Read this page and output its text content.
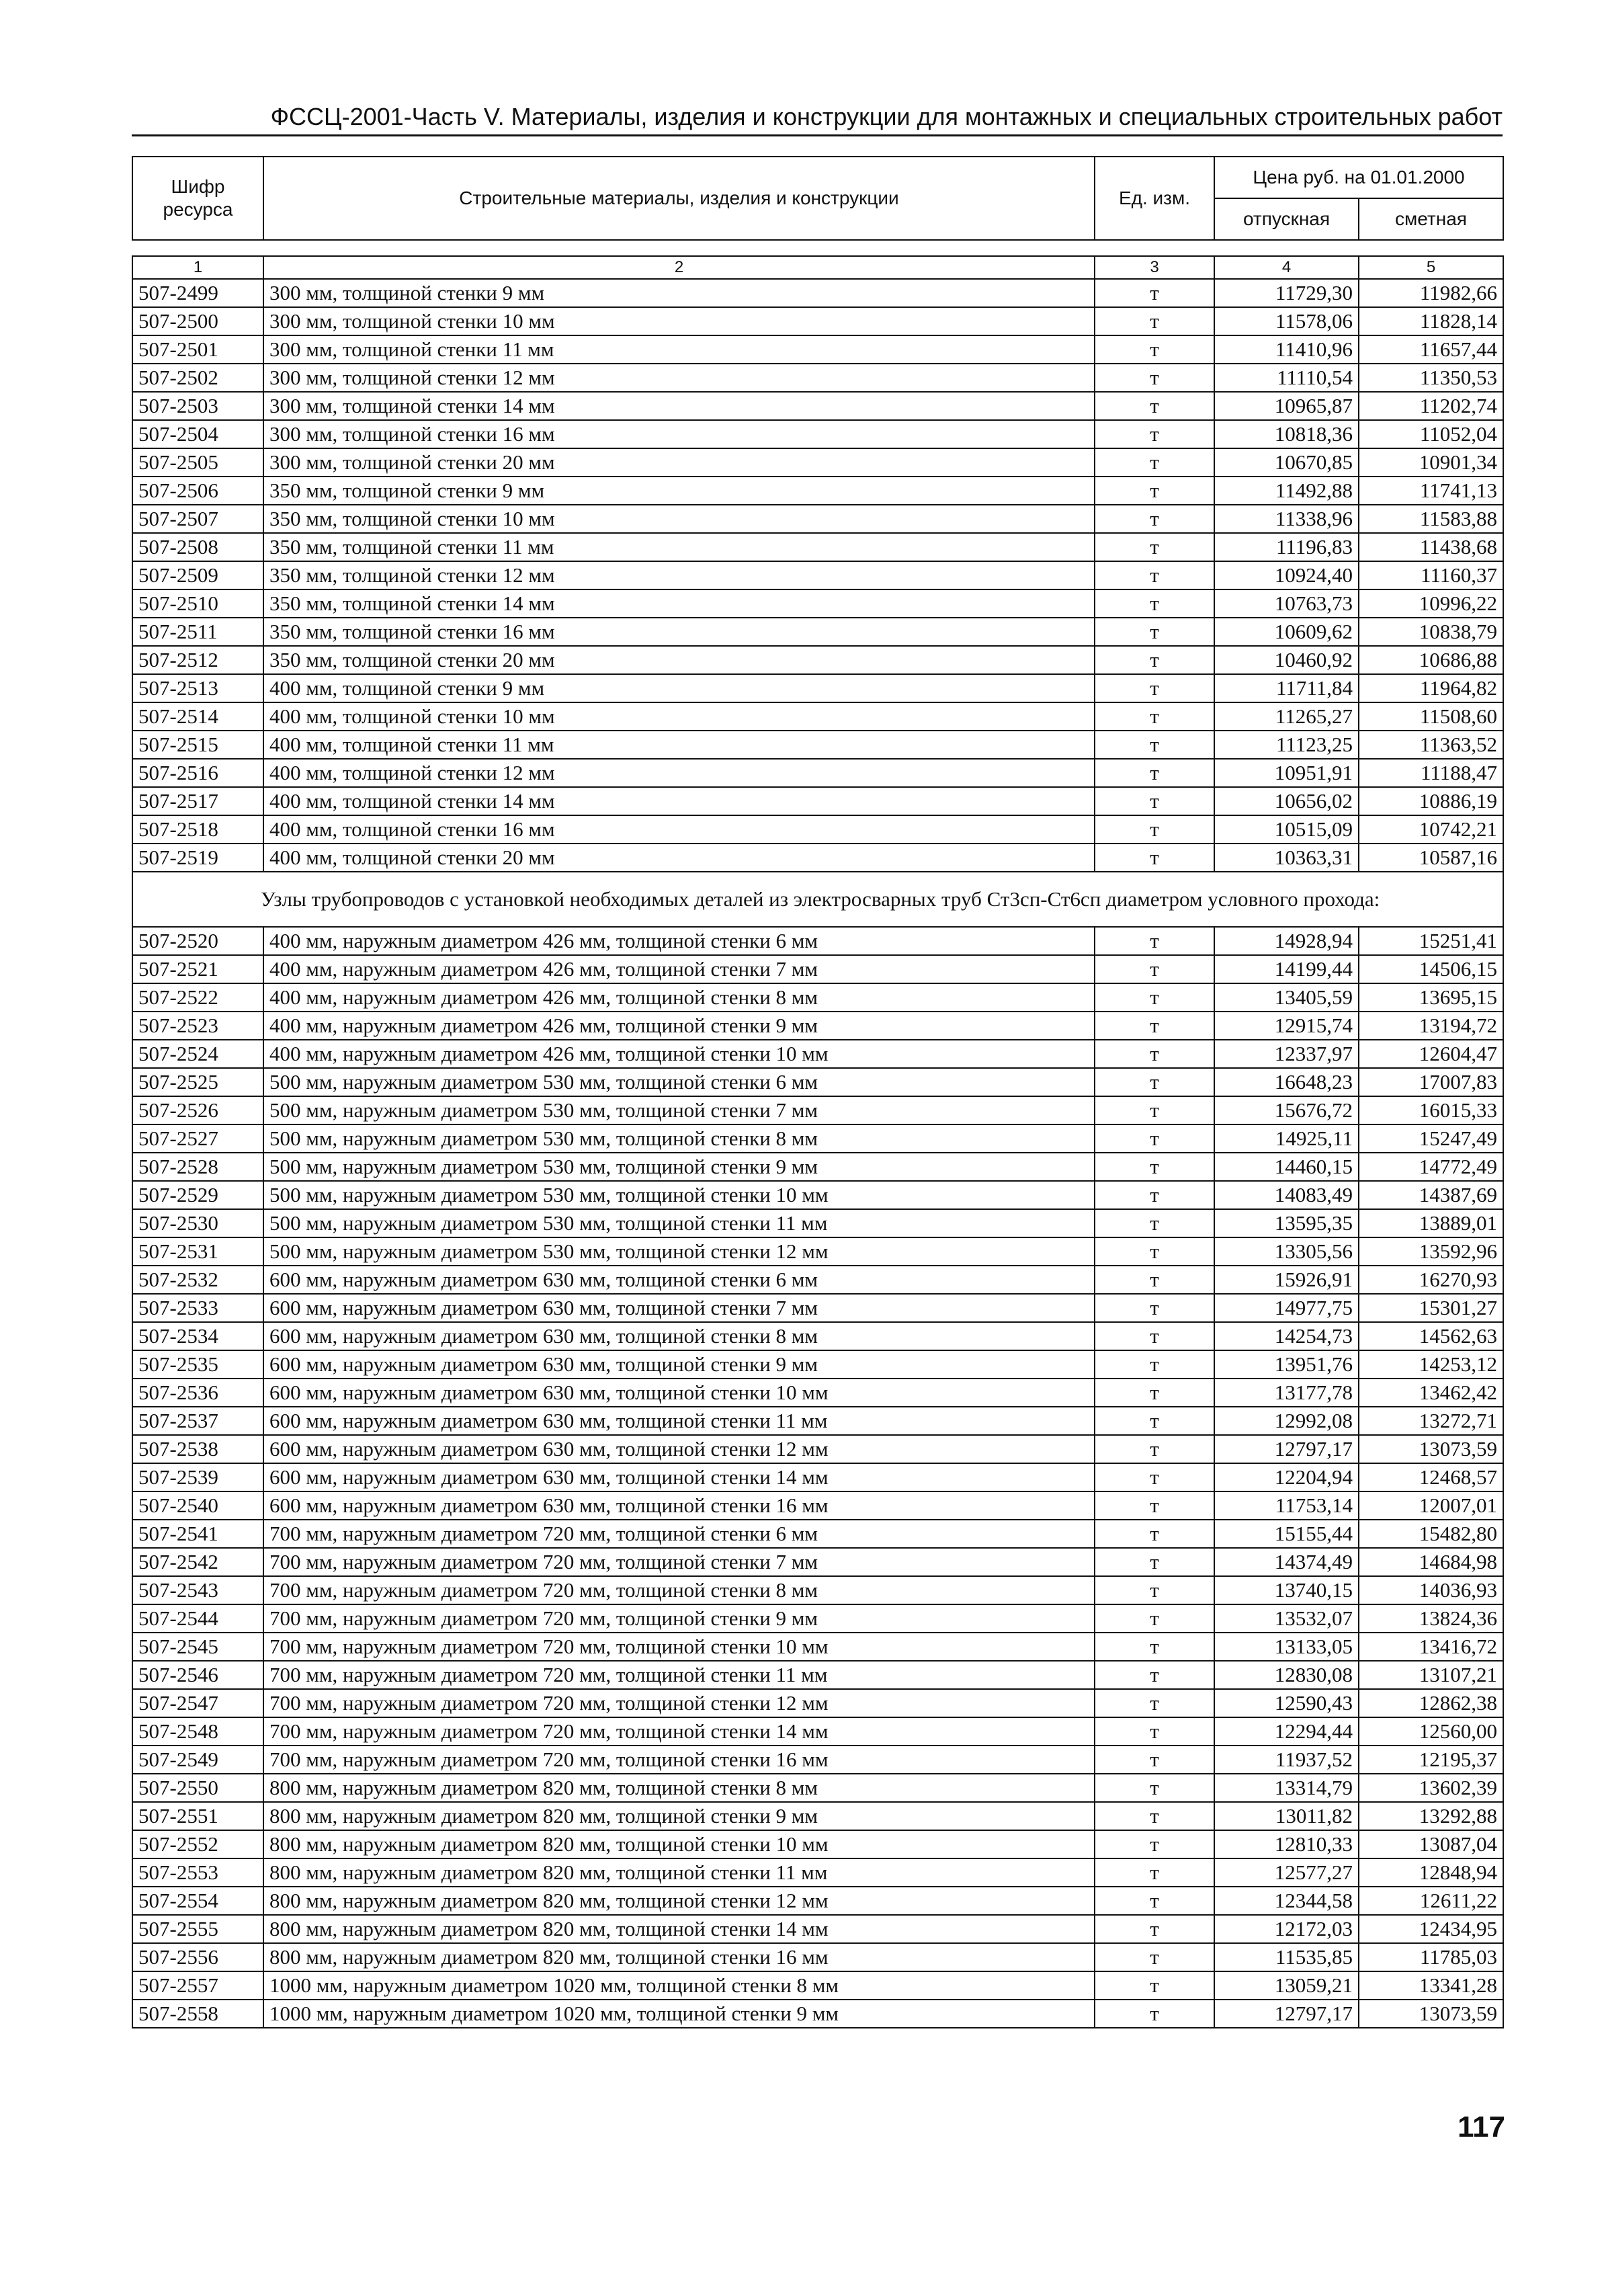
ФССЦ-2001-Часть V. Материалы, изделия и конструкции для монтажных и специальных строительных работ
Шифр ресурса	Строительные материалы, изделия и конструкции	Ед. изм.	Цена руб. на 01.01.2000	
			отпускная	сметная

1	2	3	4	5
507-2499	300 мм, толщиной стенки 9 мм	т	11729,30	11982,66
507-2500	300 мм, толщиной стенки 10 мм	т	11578,06	11828,14
507-2501	300 мм, толщиной стенки 11 мм	т	11410,96	11657,44
507-2502	300 мм, толщиной стенки 12 мм	т	11110,54	11350,53
507-2503	300 мм, толщиной стенки 14 мм	т	10965,87	11202,74
507-2504	300 мм, толщиной стенки 16 мм	т	10818,36	11052,04
507-2505	300 мм, толщиной стенки 20 мм	т	10670,85	10901,34
507-2506	350 мм, толщиной стенки 9 мм	т	11492,88	11741,13
507-2507	350 мм, толщиной стенки 10 мм	т	11338,96	11583,88
507-2508	350 мм, толщиной стенки 11 мм	т	11196,83	11438,68
507-2509	350 мм, толщиной стенки 12 мм	т	10924,40	11160,37
507-2510	350 мм, толщиной стенки 14 мм	т	10763,73	10996,22
507-2511	350 мм, толщиной стенки 16 мм	т	10609,62	10838,79
507-2512	350 мм, толщиной стенки 20 мм	т	10460,92	10686,88
507-2513	400 мм, толщиной стенки 9 мм	т	11711,84	11964,82
507-2514	400 мм, толщиной стенки 10 мм	т	11265,27	11508,60
507-2515	400 мм, толщиной стенки 11 мм	т	11123,25	11363,52
507-2516	400 мм, толщиной стенки 12 мм	т	10951,91	11188,47
507-2517	400 мм, толщиной стенки 14 мм	т	10656,02	10886,19
507-2518	400 мм, толщиной стенки 16 мм	т	10515,09	10742,21
507-2519	400 мм, толщиной стенки 20 мм	т	10363,31	10587,16
Узлы трубопроводов с установкой необходимых деталей из электросварных труб Ст3сп-Ст6сп диаметром условного прохода:				
507-2520	400 мм, наружным диаметром 426 мм, толщиной стенки 6 мм	т	14928,94	15251,41
507-2521	400 мм, наружным диаметром 426 мм, толщиной стенки 7 мм	т	14199,44	14506,15
507-2522	400 мм, наружным диаметром 426 мм, толщиной стенки 8 мм	т	13405,59	13695,15
507-2523	400 мм, наружным диаметром 426 мм, толщиной стенки 9 мм	т	12915,74	13194,72
507-2524	400 мм, наружным диаметром 426 мм, толщиной стенки 10 мм	т	12337,97	12604,47
507-2525	500 мм, наружным диаметром 530 мм, толщиной стенки 6 мм	т	16648,23	17007,83
507-2526	500 мм, наружным диаметром 530 мм, толщиной стенки 7 мм	т	15676,72	16015,33
507-2527	500 мм, наружным диаметром 530 мм, толщиной стенки 8 мм	т	14925,11	15247,49
507-2528	500 мм, наружным диаметром 530 мм, толщиной стенки 9 мм	т	14460,15	14772,49
507-2529	500 мм, наружным диаметром 530 мм, толщиной стенки 10 мм	т	14083,49	14387,69
507-2530	500 мм, наружным диаметром 530 мм, толщиной стенки 11 мм	т	13595,35	13889,01
507-2531	500 мм, наружным диаметром 530 мм, толщиной стенки 12 мм	т	13305,56	13592,96
507-2532	600 мм, наружным диаметром 630 мм, толщиной стенки 6 мм	т	15926,91	16270,93
507-2533	600 мм, наружным диаметром 630 мм, толщиной стенки 7 мм	т	14977,75	15301,27
507-2534	600 мм, наружным диаметром 630 мм, толщиной стенки 8 мм	т	14254,73	14562,63
507-2535	600 мм, наружным диаметром 630 мм, толщиной стенки 9 мм	т	13951,76	14253,12
507-2536	600 мм, наружным диаметром 630 мм, толщиной стенки 10 мм	т	13177,78	13462,42
507-2537	600 мм, наружным диаметром 630 мм, толщиной стенки 11 мм	т	12992,08	13272,71
507-2538	600 мм, наружным диаметром 630 мм, толщиной стенки 12 мм	т	12797,17	13073,59
507-2539	600 мм, наружным диаметром 630 мм, толщиной стенки 14 мм	т	12204,94	12468,57
507-2540	600 мм, наружным диаметром 630 мм, толщиной стенки 16 мм	т	11753,14	12007,01
507-2541	700 мм, наружным диаметром 720 мм, толщиной стенки 6 мм	т	15155,44	15482,80
507-2542	700 мм, наружным диаметром 720 мм, толщиной стенки 7 мм	т	14374,49	14684,98
507-2543	700 мм, наружным диаметром 720 мм, толщиной стенки 8 мм	т	13740,15	14036,93
507-2544	700 мм, наружным диаметром 720 мм, толщиной стенки 9 мм	т	13532,07	13824,36
507-2545	700 мм, наружным диаметром 720 мм, толщиной стенки 10 мм	т	13133,05	13416,72
507-2546	700 мм, наружным диаметром 720 мм, толщиной стенки 11 мм	т	12830,08	13107,21
507-2547	700 мм, наружным диаметром 720 мм, толщиной стенки 12 мм	т	12590,43	12862,38
507-2548	700 мм, наружным диаметром 720 мм, толщиной стенки 14 мм	т	12294,44	12560,00
507-2549	700 мм, наружным диаметром 720 мм, толщиной стенки 16 мм	т	11937,52	12195,37
507-2550	800 мм, наружным диаметром 820 мм, толщиной стенки 8 мм	т	13314,79	13602,39
507-2551	800 мм, наружным диаметром 820 мм, толщиной стенки 9 мм	т	13011,82	13292,88
507-2552	800 мм, наружным диаметром 820 мм, толщиной стенки 10 мм	т	12810,33	13087,04
507-2553	800 мм, наружным диаметром 820 мм, толщиной стенки 11 мм	т	12577,27	12848,94
507-2554	800 мм, наружным диаметром 820 мм, толщиной стенки 12 мм	т	12344,58	12611,22
507-2555	800 мм, наружным диаметром 820 мм, толщиной стенки 14 мм	т	12172,03	12434,95
507-2556	800 мм, наружным диаметром 820 мм, толщиной стенки 16 мм	т	11535,85	11785,03
507-2557	1000 мм, наружным диаметром 1020 мм, толщиной стенки 8 мм	т	13059,21	13341,28
507-2558	1000 мм, наружным диаметром 1020 мм, толщиной стенки 9 мм	т	12797,17	13073,59
117
